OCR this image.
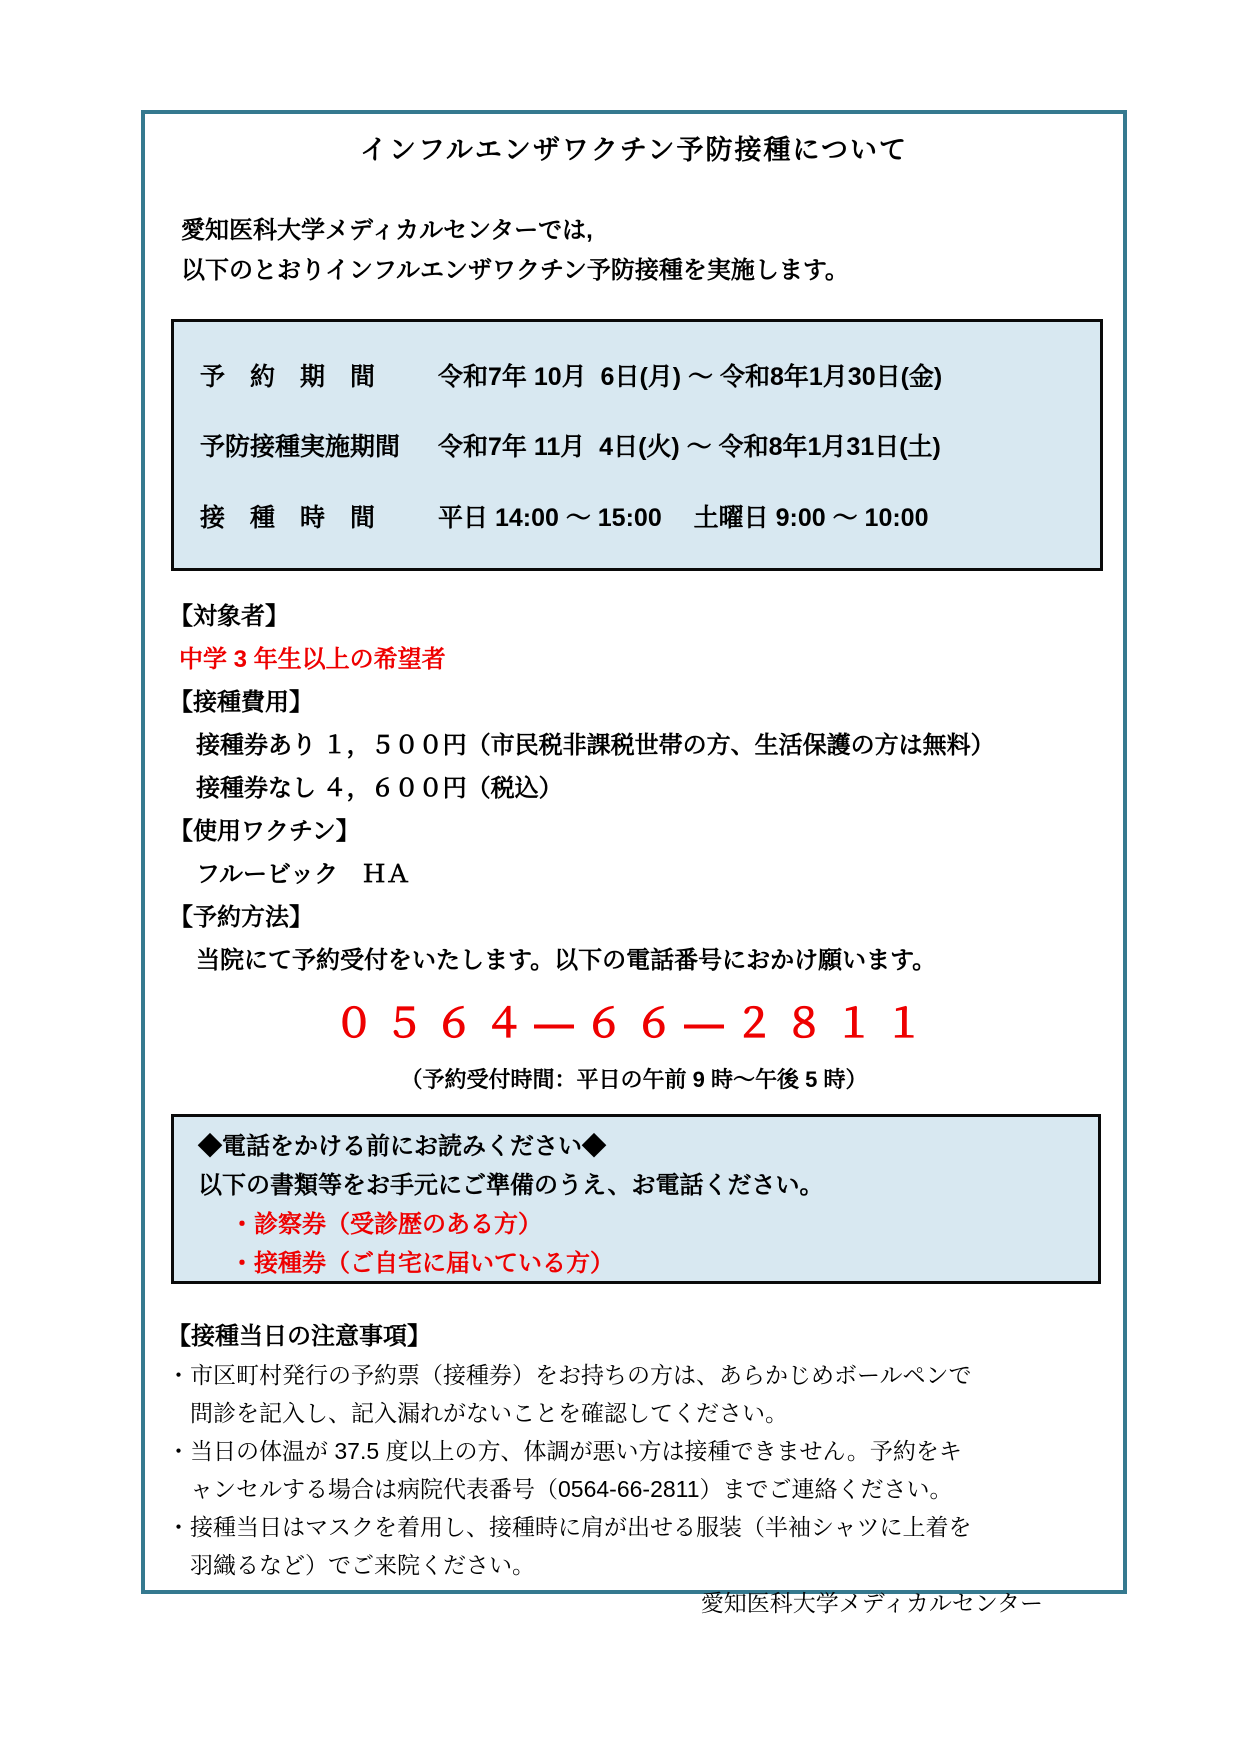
インフルエンザワクチン予防接種について
愛知医科大学メディカルセンターでは,
以下のとおりインフルエンザワクチン予防接種を実施します。
予　約　期　間	令和7年 10月  6日(月) ～ 令和8年1月30日(金)
予防接種実施期間	令和7年 11月  4日(火) ～ 令和8年1月31日(土)
接　種　時　間	平日 14:00 ～ 15:00　 土曜日 9:00 ～ 10:00
【対象者】
中学 3 年生以上の希望者
【接種費用】
接種券あり １，５００円（市民税非課税世帯の方、生活保護の方は無料）
接種券なし ４，６００円（税込）
【使用ワクチン】
フルービック　ＨＡ
【予約方法】
当院にて予約受付をいたします。以下の電話番号におかけ願います。
０５６４—６６—２８１１
（予約受付時間：平日の午前 9 時～午後 5 時）
◆電話をかける前にお読みください◆
以下の書類等をお手元にご準備のうえ、お電話ください。
・診察券（受診歴のある方）
・接種券（ご自宅に届いている方）
【接種当日の注意事項】
・市区町村発行の予約票（接種券）をお持ちの方は、あらかじめボールペンで
問診を記入し、記入漏れがないことを確認してください。
・当日の体温が 37.5 度以上の方、体調が悪い方は接種できません。予約をキ
ャンセルする場合は病院代表番号（0564-66-2811）までご連絡ください。
・接種当日はマスクを着用し、接種時に肩が出せる服装（半袖シャツに上着を
羽織るなど）でご来院ください。
愛知医科大学メディカルセンター
